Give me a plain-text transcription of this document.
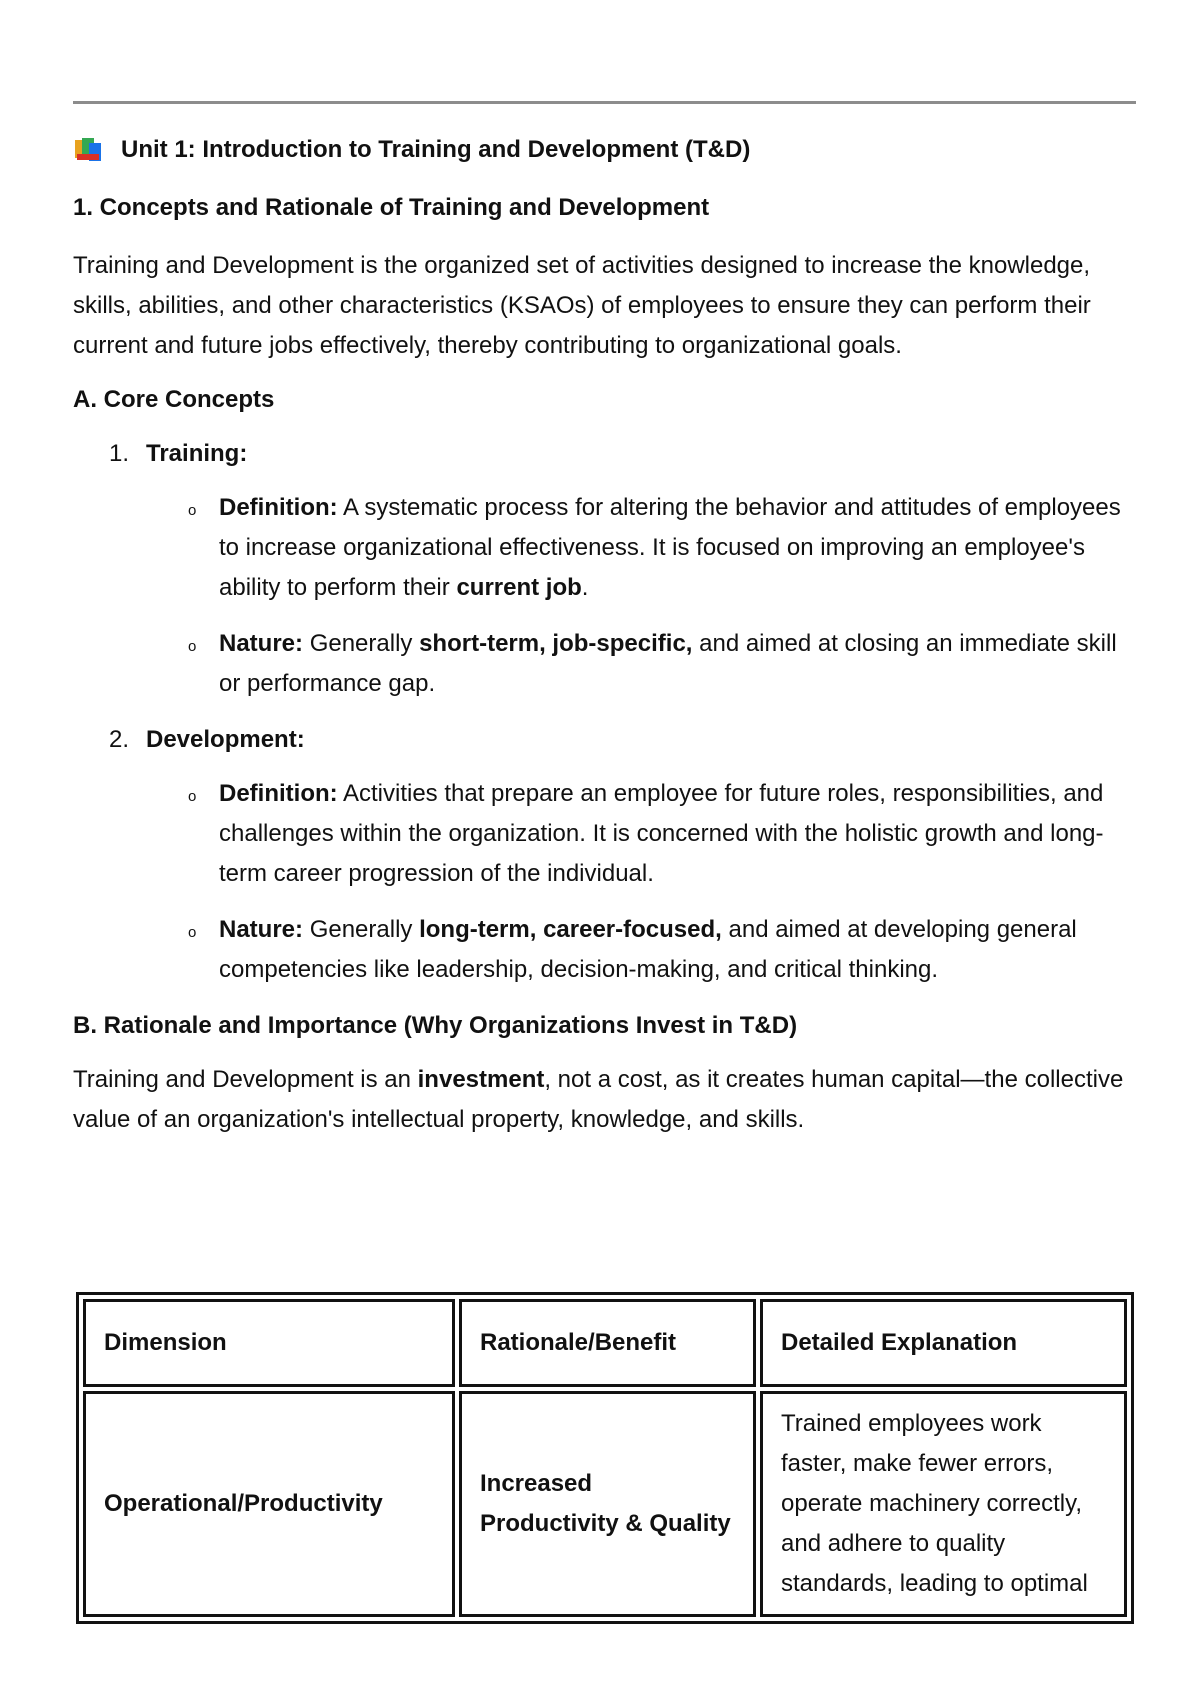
Unit 1: Introduction to Training and Development (T&D)
1. Concepts and Rationale of Training and Development
Training and Development is the organized set of activities designed to increase the knowledge, skills, abilities, and other characteristics (KSAOs) of employees to ensure they can perform their current and future jobs effectively, thereby contributing to organizational goals.
A. Core Concepts
1. Training:
o Definition: A systematic process for altering the behavior and attitudes of employees to increase organizational effectiveness. It is focused on improving an employee's ability to perform their current job.
o Nature: Generally short-term, job-specific, and aimed at closing an immediate skill or performance gap.
2. Development:
o Definition: Activities that prepare an employee for future roles, responsibilities, and challenges within the organization. It is concerned with the holistic growth and long-term career progression of the individual.
o Nature: Generally long-term, career-focused, and aimed at developing general competencies like leadership, decision-making, and critical thinking.
B. Rationale and Importance (Why Organizations Invest in T&D)
Training and Development is an investment, not a cost, as it creates human capital—the collective value of an organization's intellectual property, knowledge, and skills.
Dimension	Rationale/Benefit	Detailed Explanation
Operational/Productivity	Increased Productivity & Quality	Trained employees work faster, make fewer errors, operate machinery correctly, and adhere to quality standards, leading to optimal
